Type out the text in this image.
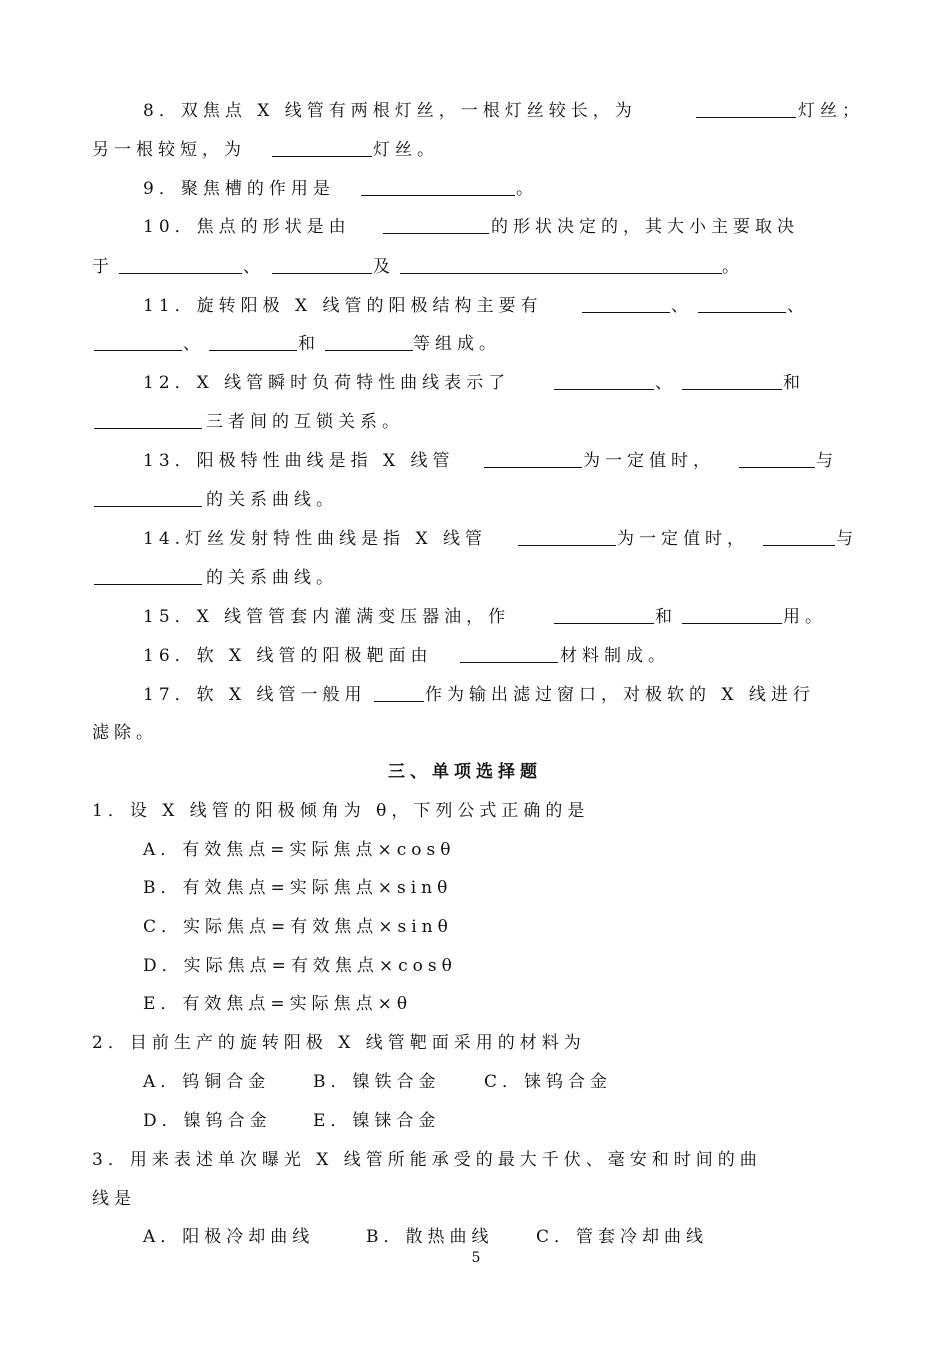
8．双焦点 X 线管有两根灯丝，一根灯丝较长，为	灯丝；
另一根较短，为	灯丝。
9．聚焦槽的作用是	。
10．焦点的形状是由	的形状决定的，其大小主要取决
于	、	及	。
11．旋转阳极 X 线管的阳极结构主要有	、	、
、	和	等组成。
12．X 线管瞬时负荷特性曲线表示了	、	和
三者间的互锁关系。
13．阳极特性曲线是指 X 线管	为一定值时，	与
的关系曲线。
14.灯丝发射特性曲线是指 X 线管	为一定值时，	与
的关系曲线。
15．X 线管管套内灌满变压器油，作	和	用。
16．软 X 线管的阳极靶面由	材料制成。
17．软 X 线管一般用	作为输出滤过窗口，对极软的 X 线进行
滤除。
三、单项选择题
1．设 X 线管的阳极倾角为 θ，下列公式正确的是
A．有效焦点=实际焦点×cosθ
B．有效焦点=实际焦点×sinθ
C．实际焦点=有效焦点×sinθ
D．实际焦点=有效焦点×cosθ
E．有效焦点=实际焦点×θ
2．目前生产的旋转阳极 X 线管靶面采用的材料为
A．钨铜合金	B．镍铁合金	C．铼钨合金
D．镍钨合金 E．镍铼合金
3．用来表述单次曝光 X 线管所能承受的最大千伏、毫安和时间的曲
线是
A．阳极冷却曲线	B．散热曲线	C．管套冷却曲线
5
